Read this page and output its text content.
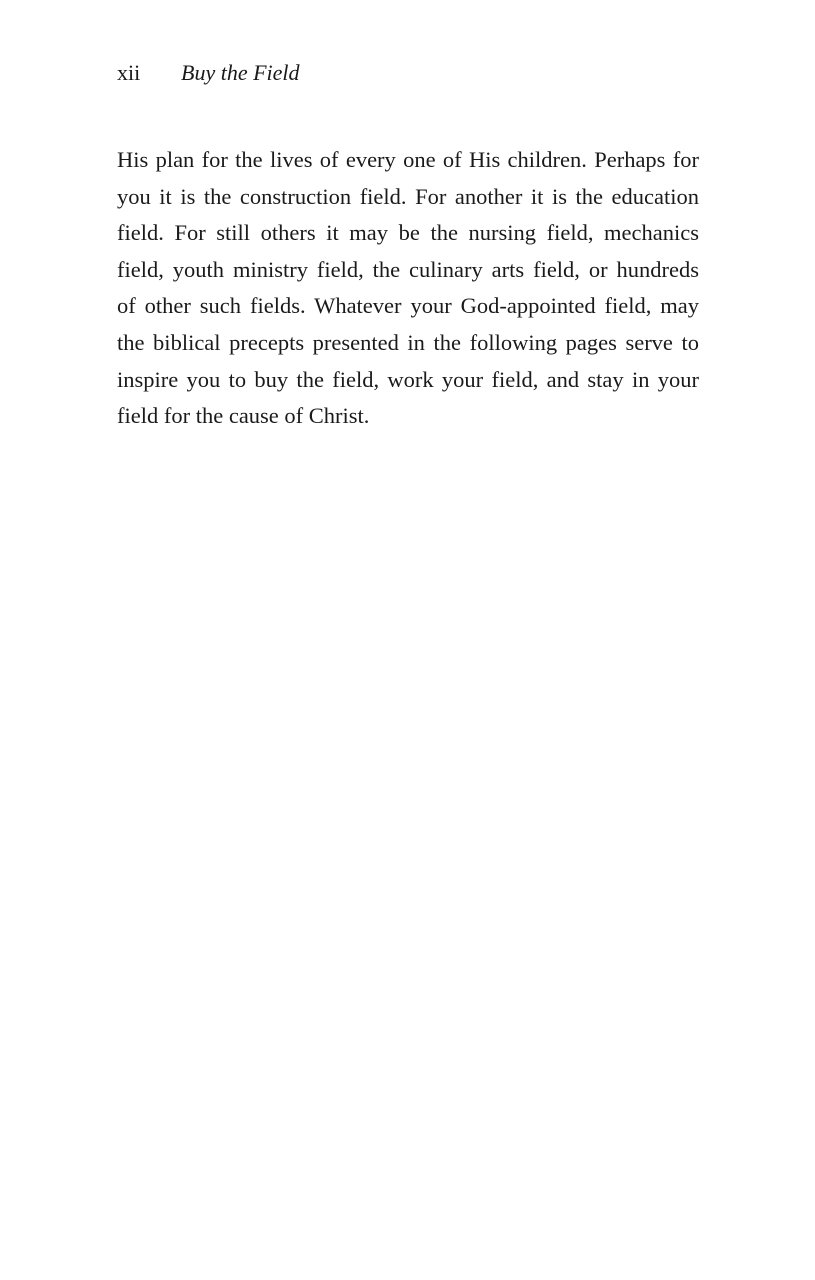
xii	Buy the Field
His plan for the lives of every one of His children. Perhaps for
you it is the construction field. For another it is the education
field. For still others it may be the nursing field, mechanics
field, youth ministry field, the culinary arts field, or hundreds
of other such fields. Whatever your God-appointed field, may
the biblical precepts presented in the following pages serve to
inspire you to buy the field, work your field, and stay in your
field for the cause of Christ.
